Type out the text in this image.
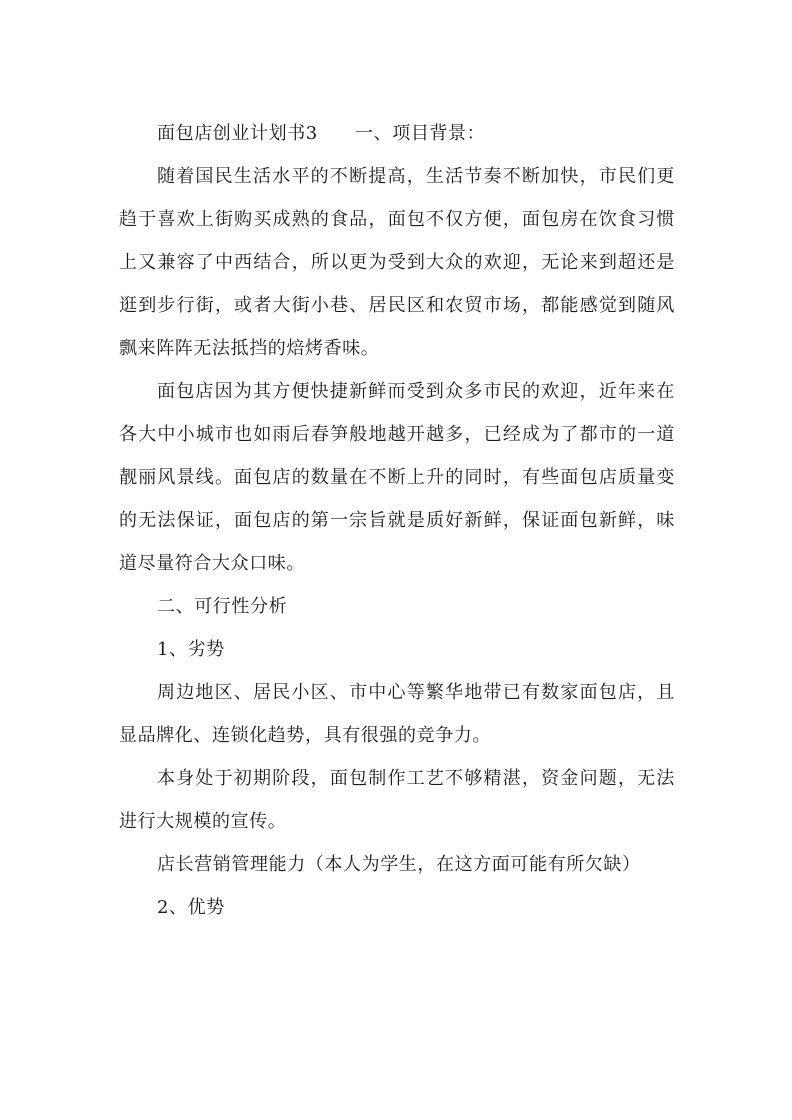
面包店创业计划书3　　一、项目背景：

随着国民生活水平的不断提高，生活节奏不断加快，市民们更趋于喜欢上街购买成熟的食品，面包不仅方便，面包房在饮食习惯上又兼容了中西结合，所以更为受到大众的欢迎，无论来到超还是逛到步行街，或者大街小巷、居民区和农贸市场，都能感觉到随风飘来阵阵无法抵挡的焙烤香味。

面包店因为其方便快捷新鲜而受到众多市民的欢迎，近年来在各大中小城市也如雨后春笋般地越开越多，已经成为了都市的一道靓丽风景线。面包店的数量在不断上升的同时，有些面包店质量变的无法保证，面包店的第一宗旨就是质好新鲜，保证面包新鲜，味道尽量符合大众口味。

二、可行性分析

1、劣势

周边地区、居民小区、市中心等繁华地带已有数家面包店，且显品牌化、连锁化趋势，具有很强的竞争力。

本身处于初期阶段，面包制作工艺不够精湛，资金问题，无法进行大规模的宣传。

店长营销管理能力（本人为学生，在这方面可能有所欠缺）

2、优势
